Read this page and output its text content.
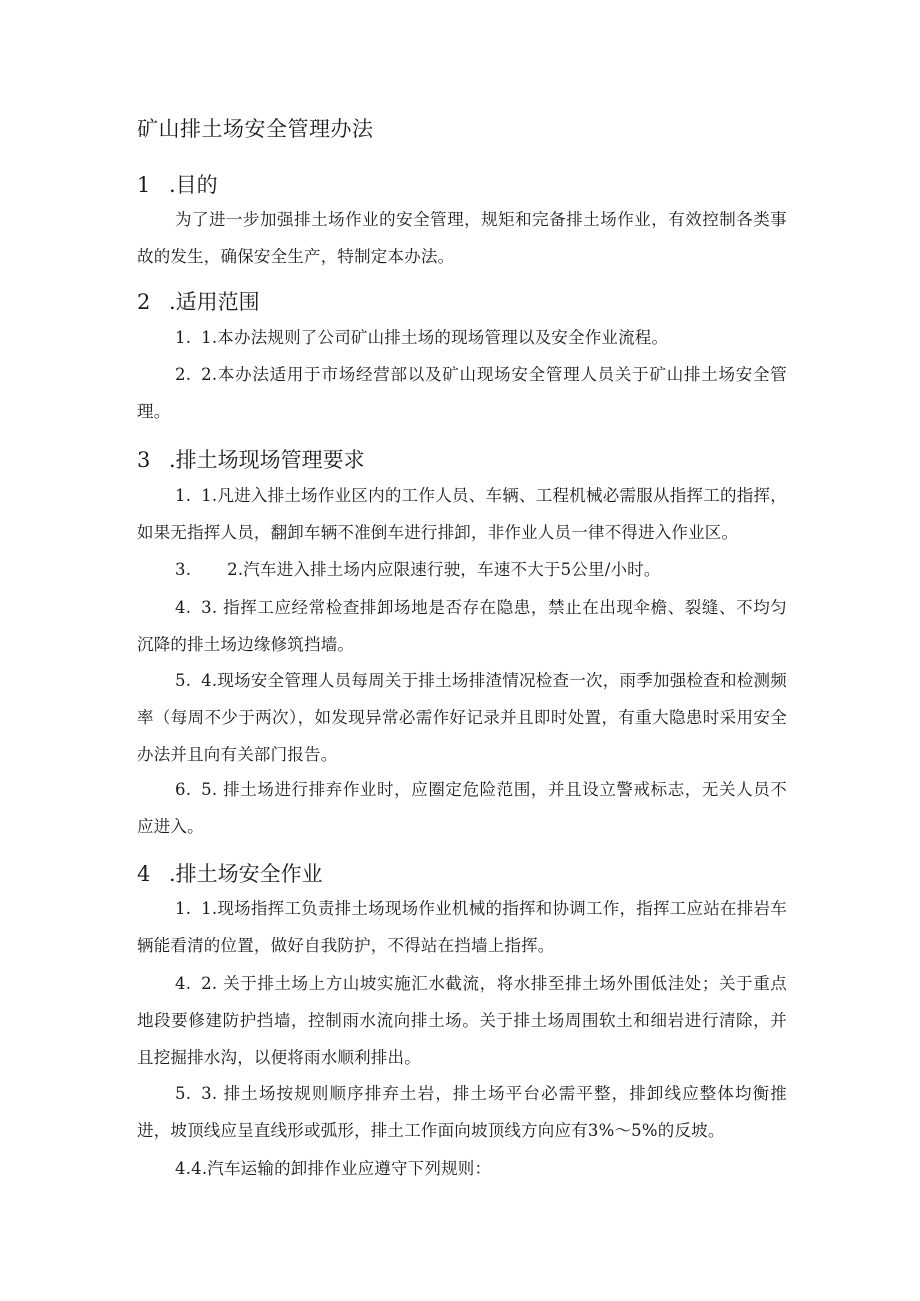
矿山排土场安全管理办法
1 .目的
为了进一步加强排土场作业的安全管理，规矩和完备排土场作业，有效控制各类事故的发生，确保安全生产，特制定本办法。
2 .适用范围
1. 1.本办法规则了公司矿山排土场的现场管理以及安全作业流程。
2. 2.本办法适用于市场经营部以及矿山现场安全管理人员关于矿山排土场安全管理。
3 .排土场现场管理要求
1. 1.凡进入排土场作业区内的工作人员、车辆、工程机械必需服从指挥工的指挥，如果无指挥人员，翻卸车辆不准倒车进行排卸，非作业人员一律不得进入作业区。
3. 2.汽车进入排土场内应限速行驶，车速不大于5公里/小时。
4. 3. 指挥工应经常检查排卸场地是否存在隐患，禁止在出现伞檐、裂缝、不均匀沉降的排土场边缘修筑挡墙。
5. 4.现场安全管理人员每周关于排土场排渣情况检查一次，雨季加强检查和检测频率（每周不少于两次），如发现异常必需作好记录并且即时处置，有重大隐患时采用安全办法并且向有关部门报告。
6. 5. 排土场进行排弃作业时，应圈定危险范围，并且设立警戒标志，无关人员不应进入。
4 .排土场安全作业
1. 1.现场指挥工负责排土场现场作业机械的指挥和协调工作，指挥工应站在排岩车辆能看清的位置，做好自我防护，不得站在挡墙上指挥。
4. 2. 关于排土场上方山坡实施汇水截流，将水排至排土场外围低洼处；关于重点地段要修建防护挡墙，控制雨水流向排土场。关于排土场周围软土和细岩进行清除，并且挖掘排水沟，以便将雨水顺利排出。
5. 3. 排土场按规则顺序排弃土岩，排土场平台必需平整，排卸线应整体均衡推进，坡顶线应呈直线形或弧形，排土工作面向坡顶线方向应有3%～5%的反坡。
4.4.汽车运输的卸排作业应遵守下列规则：
